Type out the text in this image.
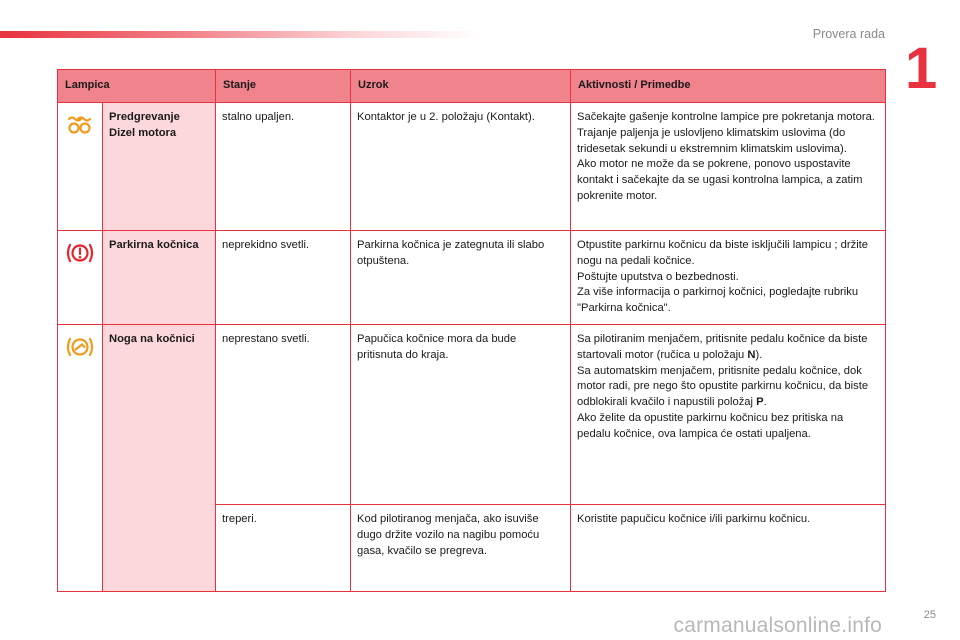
Provera rada
1
Lampica		Stanje	Uzrok	Aktivnosti / Primedbe
	Predgrevanje Dizel motora	stalno upaljen.	Kontaktor je u 2. položaju (Kontakt).	Sačekajte gašenje kontrolne lampice pre pokretanja motora.
Trajanje paljenja je uslovljeno klimatskim uslovima (do tridesetak sekundi u ekstremnim klimatskim uslovima).
Ako motor ne može da se pokrene, ponovo uspostavite kontakt i sačekajte da se ugasi kontrolna lampica, a zatim pokrenite motor.
	Parkirna kočnica	neprekidno svetli.	Parkirna kočnica je zategnuta ili slabo otpuštena.	Otpustite parkirnu kočnicu da biste isključili lampicu ; držite nogu na pedali kočnice.
Poštujte uputstva o bezbednosti.
Za više informacija o parkirnoj kočnici, pogledajte rubriku "Parkirna kočnica".
	Noga na kočnici	neprestano svetli.	Papučica kočnice mora da bude pritisnuta do kraja.	Sa pilotiranim menjačem, pritisnite pedalu kočnice da biste startovali motor (ručica u položaju N).
Sa automatskim menjačem, pritisnite pedalu kočnice, dok motor radi, pre nego što opustite parkirnu kočnicu, da biste odblokirali kvačilo i napustili položaj P.
Ako želite da opustite parkirnu kočnicu bez pritiska na pedalu kočnice, ova lampica će ostati upaljena.
		treperi.	Kod pilotiranog menjača, ako isuviše dugo držite vozilo na nagibu pomoću gasa, kvačilo se pregreva.	Koristite papučicu kočnice i/ili parkirnu kočnicu.
carmanualsonline.info	25
